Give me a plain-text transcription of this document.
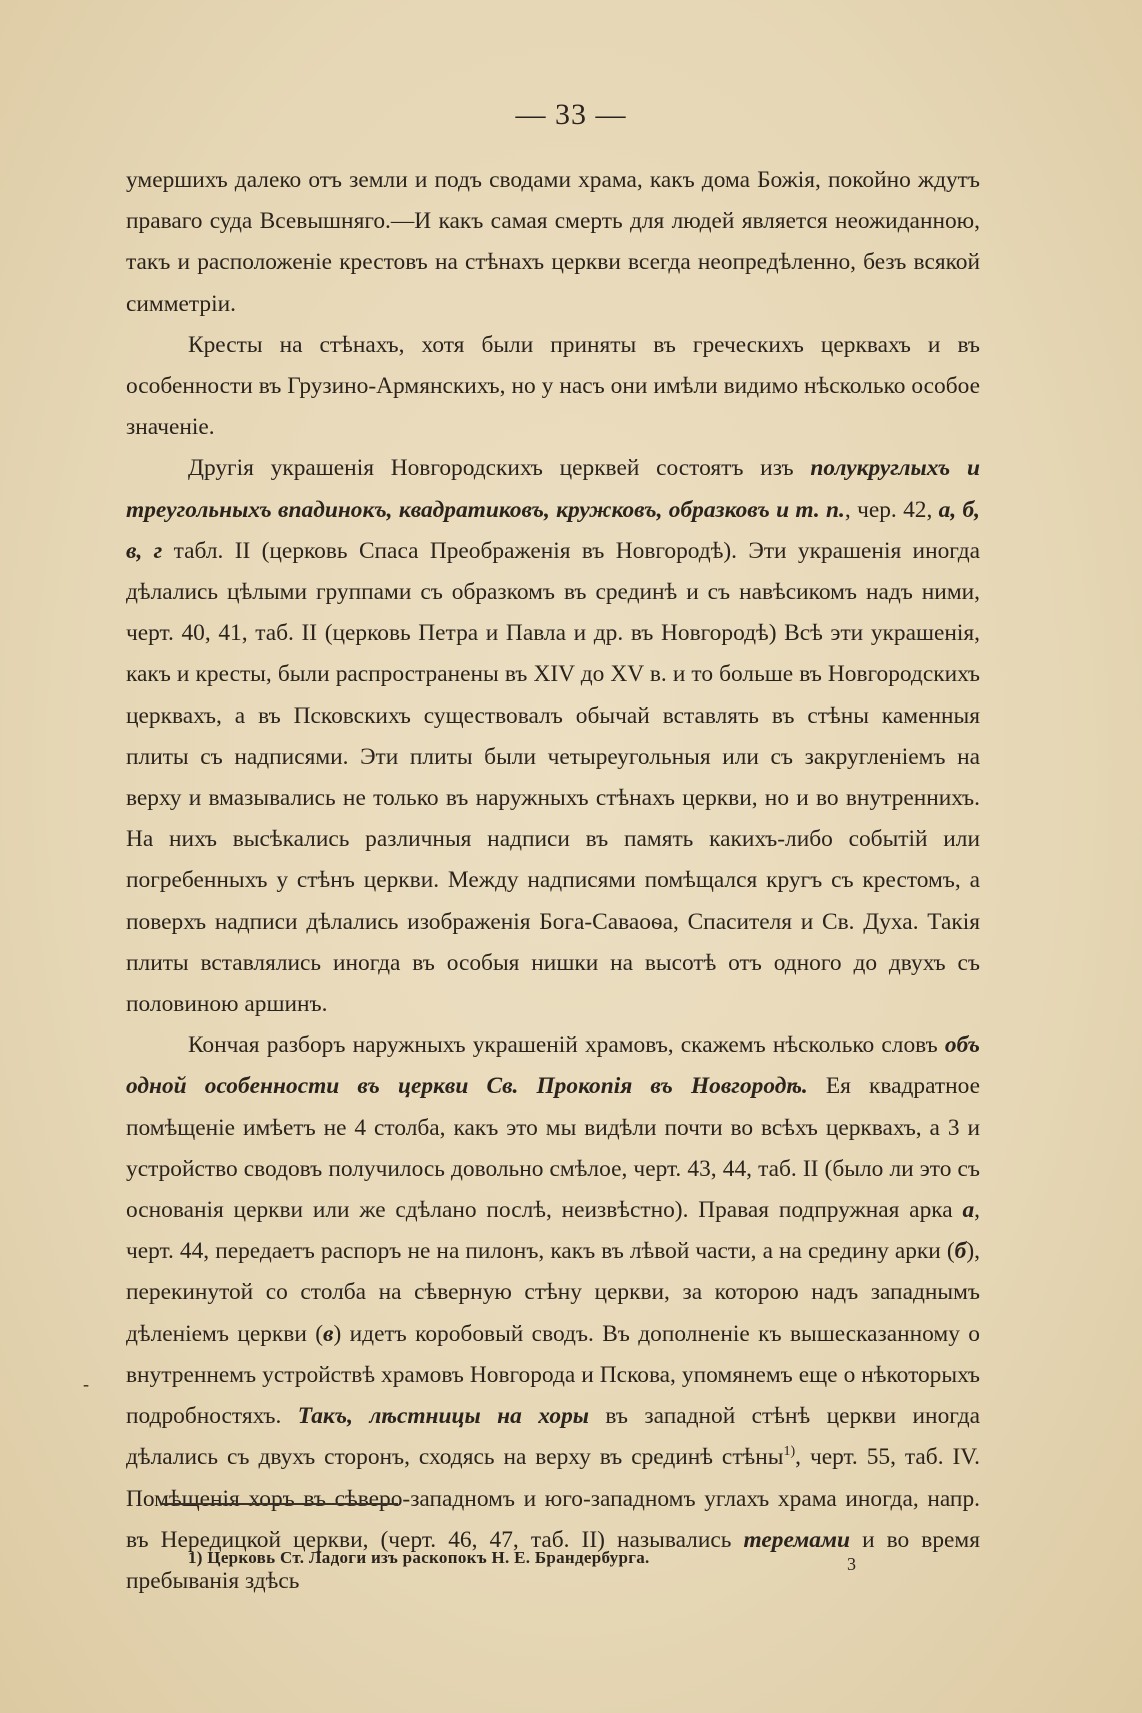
— 33 —

умершихъ далеко отъ земли и подъ сводами храма, какъ дома Божія, покойно ждутъ праваго суда Всевышняго.—И какъ самая смерть для людей является неожиданною, такъ и расположеніе крестовъ на стѣнахъ церкви всегда неопредѣленно, безъ всякой симметріи.

Кресты на стѣнахъ, хотя были приняты въ греческихъ церквахъ и въ особенности въ Грузино-Армянскихъ, но у насъ они имѣли видимо нѣсколько особое значеніе.

Другія украшенія Новгородскихъ церквей состоятъ изъ полукруглыхъ и треугольныхъ впадинокъ, квадратиковъ, кружковъ, образковъ и т. п., чер. 42, а, б, в, г табл. II (церковь Спаса Преображенія въ Новгородѣ). Эти украшенія иногда дѣлались цѣлыми группами съ образкомъ въ срединѣ и съ навѣсикомъ надъ ними, черт. 40, 41, таб. II (церковь Петра и Павла и др. въ Новгородѣ) Всѣ эти украшенія, какъ и кресты, были распространены въ XIV до XV в. и то больше въ Новгородскихъ церквахъ, а въ Псковскихъ существовалъ обычай вставлять въ стѣны каменныя плиты съ надписями. Эти плиты были четыреугольныя или съ закругленіемъ на верху и вмазывались не только въ наружныхъ стѣнахъ церкви, но и во внутреннихъ. На нихъ высѣкались различныя надписи въ память какихъ-либо событій или погребенныхъ у стѣнъ церкви. Между надписями помѣщался кругъ съ крестомъ, а поверхъ надписи дѣлались изображенія Бога-Саваоѳа, Спасителя и Св. Духа. Такія плиты вставлялись иногда въ особыя нишки на высотѣ отъ одного до двухъ съ половиною аршинъ.

Кончая разборъ наружныхъ украшеній храмовъ, скажемъ нѣсколько словъ объ одной особенности въ церкви Св. Прокопія въ Новгородѣ. Ея квадратное помѣщеніе имѣетъ не 4 столба, какъ это мы видѣли почти во всѣхъ церквахъ, а 3 и устройство сводовъ получилось довольно смѣлое, черт. 43, 44, таб. II (было ли это съ основанія церкви или же сдѣлано послѣ, неизвѣстно). Правая подпружная арка а, черт. 44, передаетъ распоръ не на пилонъ, какъ въ лѣвой части, а на средину арки (б), перекинутой со столба на сѣверную стѣну церкви, за которою надъ западнымъ дѣленіемъ церкви (в) идетъ коробовый сводъ. Въ дополненіе къ вышесказанному о внутреннемъ устройствѣ храмовъ Новгорода и Пскова, упомянемъ еще о нѣкоторыхъ подробностяхъ. Такъ, лѣстницы на хоры въ западной стѣнѣ церкви иногда дѣлались съ двухъ сторонъ, сходясь на верху въ срединѣ стѣны$^{1)}$, черт. 55, таб. IV. Помѣщенія хоръ въ сѣверо-западномъ и юго-западномъ углахъ храма иногда, напр. въ Нередицкой церкви, (черт. 46, 47, таб. II) назывались теремами и во время пребыванія здѣсь

-
1) Церковь Ст. Ладоги изъ раскопокъ Н. Е. Брандербурга.	3
